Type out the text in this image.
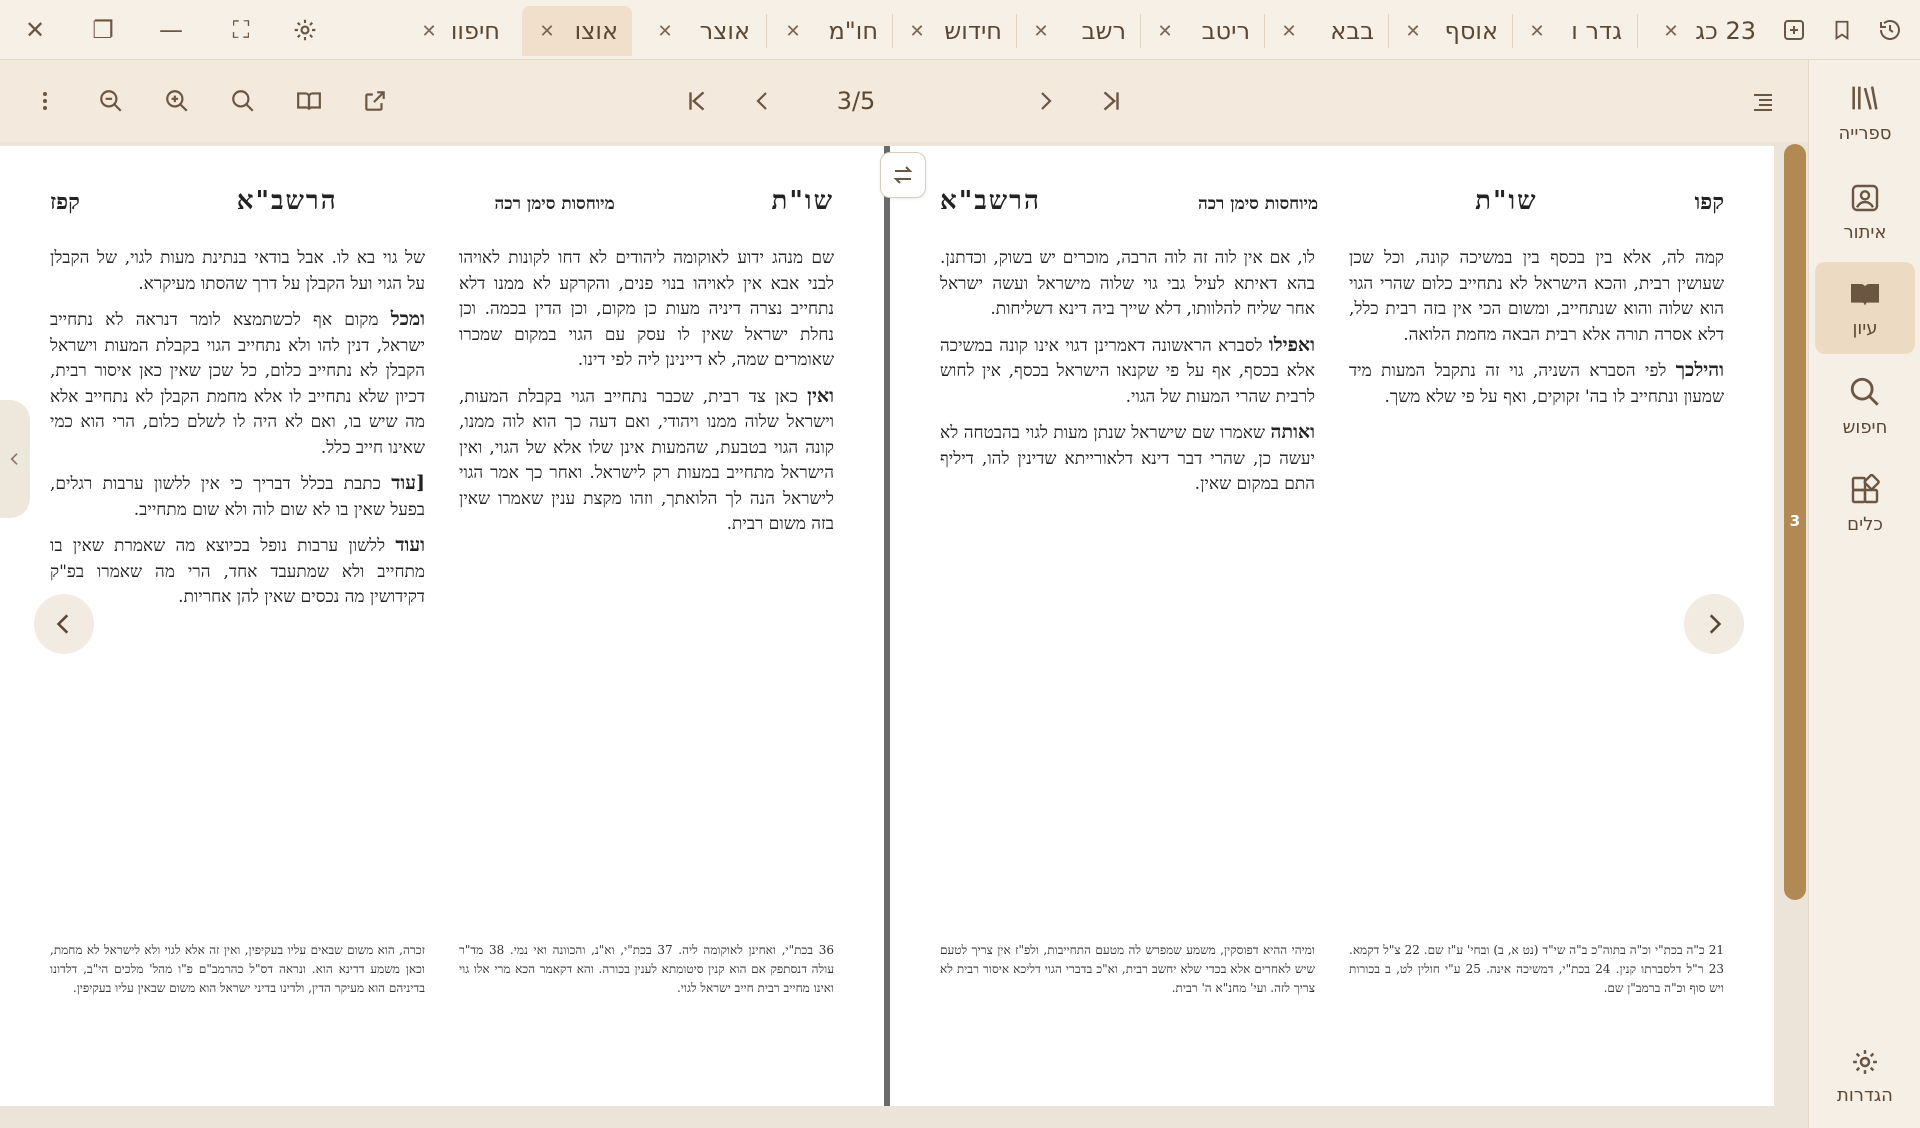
✕ ❐ — ⛶	23 כג
✕
גדר ו
✕
אוסף
✕
בבא
✕
ריטב
✕
רשב
✕
חידוש
✕
חו"מ
✕
אוצר
✕
אוצו
✕
חיפוו
✕
3/5
ספרייה
איתור
עיון
חיפוש
כלים
הגדרות
שו"ת
מיוחסות סימן רכה
הרשב"א
קפז

שם מנהג ידוע לאוקומה ליהודים לא דחו לקונות לאויהו לבני אבא אין לאויהו בנוי פנים, והקרקע לא ממנו דלא נתחייב נצרה דיניה מעות כן מקום, וכן הדין בכמה. וכן נחלת ישראל שאין לו עסק עם הגוי במקום שמכרו שאומרים שמה, לא דיינינן ליה לפי דינו.

ואין כאן צד רבית, שכבר נתחייב הגוי בקבלת המעות, וישראל שלוה ממנו ויהודי, ואם דעה כך הוא לוה ממנו, קונה הגוי בטבעת, שהמעות אינן שלו אלא של הגוי, ואין הישראל מתחייב במעות רק לישראל. ואחר כך אמר הגוי לישראל הנה לך הלואתך, וזהו מקצת ענין שאמרו שאין בזה משום רבית.

של גוי בא לו. אבל בודאי בנתינת מעות לגוי, של הקבלן על הגוי ועל הקבלן על דרך שהסתו מעיקרא.

ומכל מקום אף לכשתמצא לומר דנראה לא נתחייב ישראל, דנין להו ולא נתחייב הגוי בקבלת המעות וישראל הקבלן לא נתחייב כלום, כל שכן שאין כאן איסור רבית, דכיון שלא נתחייב לו אלא מחמת הקבלן לא נתחייב אלא מה שיש בו, ואם לא היה לו לשלם כלום, הרי הוא כמי שאינו חייב כלל.

[עוד כתבת בכלל דבריך כי אין ללשון ערבות רגלים, בפעל שאין בו לא שום לוה ולא שום מתחייב.

ועוד ללשון ערבות נופל בכיוצא מה שאמרת שאין בו מתחייב ולא שמתעבד אחד, הרי מה שאמרו בפ"ק דקידושין מה נכסים שאין להן אחריות.

36 בכת"י, ואחינן לאוקומה ליה. 37 בכת"י, וא"נ, והכוונה ואי נמי. 38 מד"ר עולה דנסתפק אם הוא קנין סיטומתא לענין בכורה. והא דקאמר הכא מרי אלו גוי ואינו מחייב רבית חייב ישראל לגוי.
זכרה, הוא משום שבאים עליו בעקיפין, ואין זה אלא לגוי ולא לישראל לא מחמת, וכאן משמע דדינא הוא. ונראה דס"ל כהרמב"ם פ"ו מהל' מלכים הי"ב, דלדונו בדיניהם הוא מעיקר הדין, ולדינו בדיני ישראל הוא משום שבאין עליו בעקיפין.
קפו
שו"ת
מיוחסות סימן רכה
הרשב"א

קמה לה, אלא בין בכסף בין במשיכה קונה, וכל שכן שעושין רבית, והכא הישראל לא נתחייב כלום שהרי הגוי הוא שלוה והוא שנתחייב, ומשום הכי אין בזה רבית כלל, דלא אסרה תורה אלא רבית הבאה מחמת הלואה.

והילכך לפי הסברא השניה, גוי זה נתקבל המעות מיד שמעון ונתחייב לו בה' זקוקים, ואף על פי שלא משך.

לו, אם אין לוה זה לוה הרבה, מוכרים יש בשוק, וכדתנן. בהא דאיתא לעיל גבי גוי שלוה מישראל ועשה ישראל אחר שליח להלוותו, דלא שייך ביה דינא דשליחות.

ואפילו לסברא הראשונה דאמרינן דגוי אינו קונה במשיכה אלא בכסף, אף על פי שקנאו הישראל בכסף, אין לחוש לרבית שהרי המעות של הגוי.

ואותה שאמרו שם שישראל שנתן מעות לגוי בהבטחה לא יעשה כן, שהרי דבר דינא דלאורייתא שדינין להו, דיליף התם במקום שאין.

21 כ"ה בכת"י וכ"ה בתוה"כ ב"ה שי"ד (נט א, ב) ובחי' ע"ז שם. 22 צ"ל דקמא. 23 ר"ל דלסברתו קנין. 24 בכת"י, דמשיכה אינה. 25 ע"י חולין לט, ב בכורות ויש סוף וכ"ה ברמב"ן שם.
ומיהי ההיא דפוסקין, משמע שמפרש לה מטעם התחייבות, ולפ"ז אין צריך לטעם שיש לאחרים אלא בכדי שלא יחשב רבית, וא"כ בדברי הגוי דליכא איסור רבית לא צריך לזה. ועי' מחנ"א ה' רבית.
3
